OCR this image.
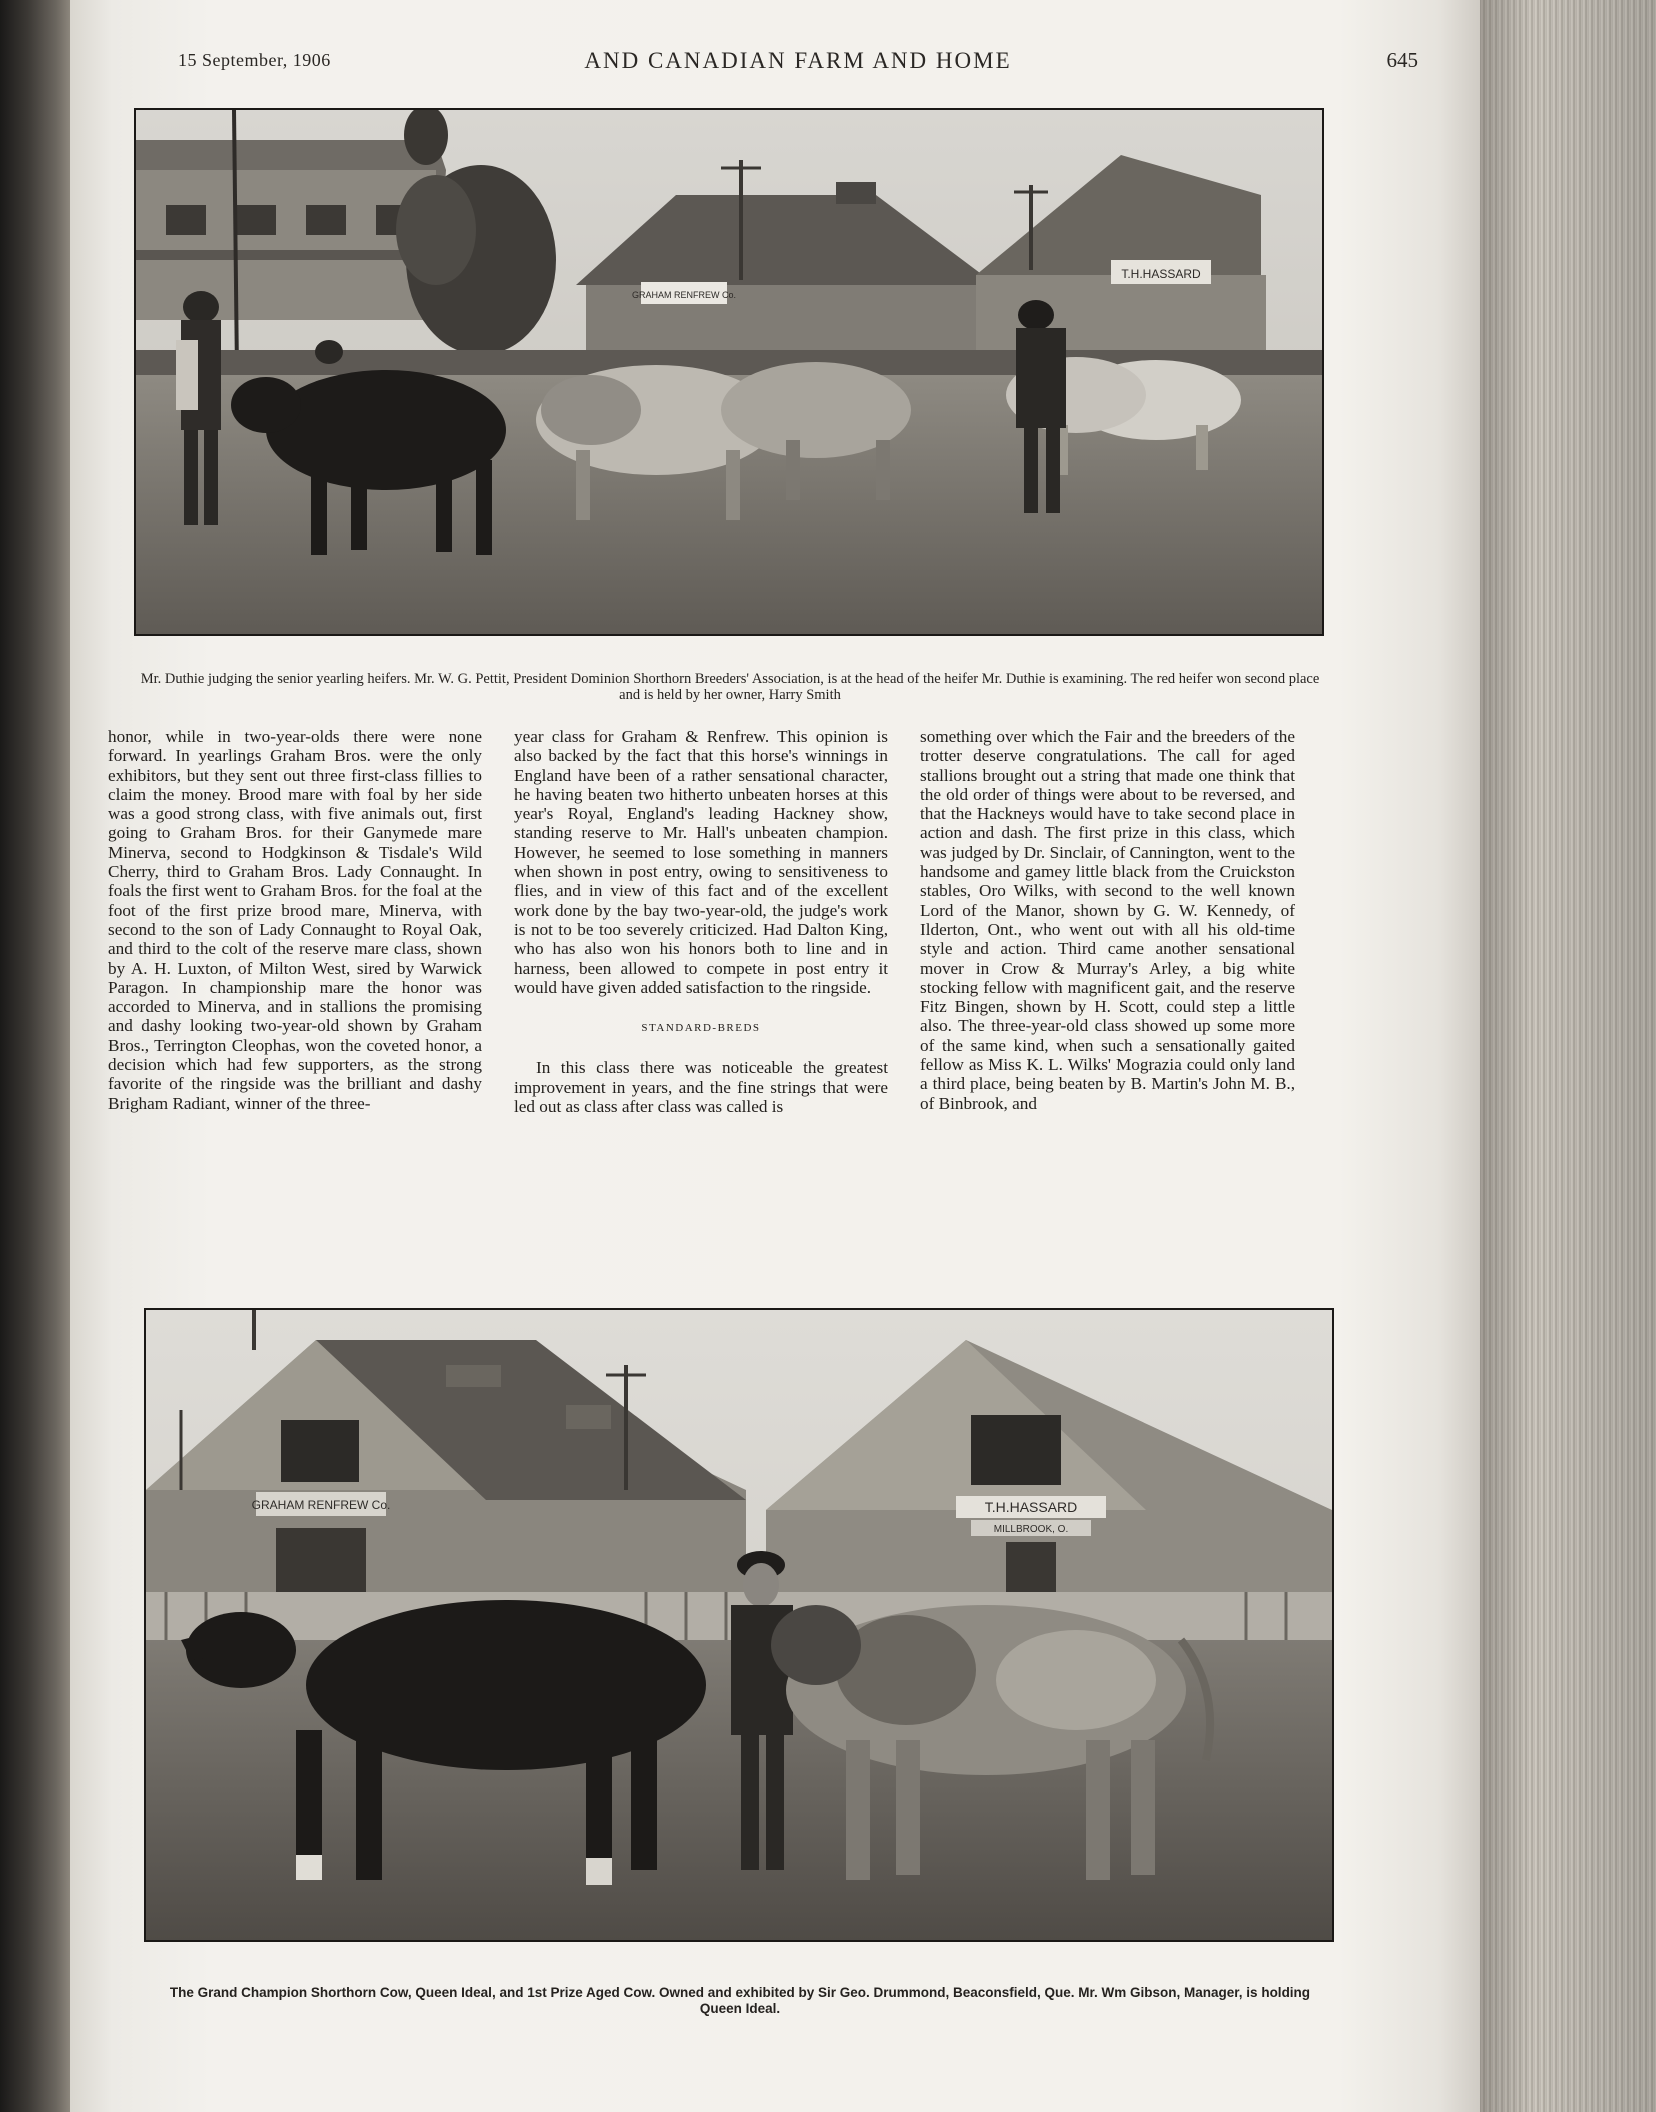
15 September, 1906	AND CANADIAN FARM AND HOME	645
GRAHAM RENFREW Co.
T.H.HASSARD
Mr. Duthie judging the senior yearling heifers. Mr. W. G. Pettit, President Dominion Shorthorn Breeders' Association, is at the head of the heifer Mr. Duthie is examining. The red heifer won second place and is held by her owner, Harry Smith

honor, while in two-year-olds there were none forward. In yearlings Graham Bros. were the only exhibitors, but they sent out three first-class fillies to claim the money. Brood mare with foal by her side was a good strong class, with five animals out, first going to Graham Bros. for their Ganymede mare Minerva, second to Hodgkinson & Tisdale's Wild Cherry, third to Graham Bros. Lady Connaught. In foals the first went to Graham Bros. for the foal at the foot of the first prize brood mare, Minerva, with second to the son of Lady Connaught to Royal Oak, and third to the colt of the reserve mare class, shown by A. H. Luxton, of Milton West, sired by Warwick Paragon. In championship mare the honor was accorded to Minerva, and in stallions the promising and dashy looking two-year-old shown by Graham Bros., Terrington Cleophas, won the coveted honor, a decision which had few supporters, as the strong favorite of the ringside was the brilliant and dashy Brigham Radiant, winner of the three-

year class for Graham & Renfrew. This opinion is also backed by the fact that this horse's winnings in England have been of a rather sensational character, he having beaten two hitherto unbeaten horses at this year's Royal, England's leading Hackney show, standing reserve to Mr. Hall's unbeaten champion. However, he seemed to lose something in manners when shown in post entry, owing to sensitiveness to flies, and in view of this fact and of the excellent work done by the bay two-year-old, the judge's work is not to be too severely criticized. Had Dalton King, who has also won his honors both to line and in harness, been allowed to compete in post entry it would have given added satisfaction to the ringside.

STANDARD-BREDS

In this class there was noticeable the greatest improvement in years, and the fine strings that were led out as class after class was called is

something over which the Fair and the breeders of the trotter deserve congratulations. The call for aged stallions brought out a string that made one think that the old order of things were about to be reversed, and that the Hackneys would have to take second place in action and dash. The first prize in this class, which was judged by Dr. Sinclair, of Cannington, went to the handsome and gamey little black from the Cruickston stables, Oro Wilks, with second to the well known Lord of the Manor, shown by G. W. Kennedy, of Ilderton, Ont., who went out with all his old-time style and action. Third came another sensational mover in Crow & Murray's Arley, a big white stocking fellow with magnificent gait, and the reserve Fitz Bingen, shown by H. Scott, could step a little also. The three-year-old class showed up some more of the same kind, when such a sensationally gaited fellow as Miss K. L. Wilks' Mograzia could only land a third place, being beaten by B. Martin's John M. B., of Binbrook, and

GRAHAM RENFREW Co.	T.H.HASSARD
MILLBROOK, O.
The Grand Champion Shorthorn Cow, Queen Ideal, and 1st Prize Aged Cow. Owned and exhibited by Sir Geo. Drummond, Beaconsfield, Que. Mr. Wm Gibson, Manager, is holding Queen Ideal.
